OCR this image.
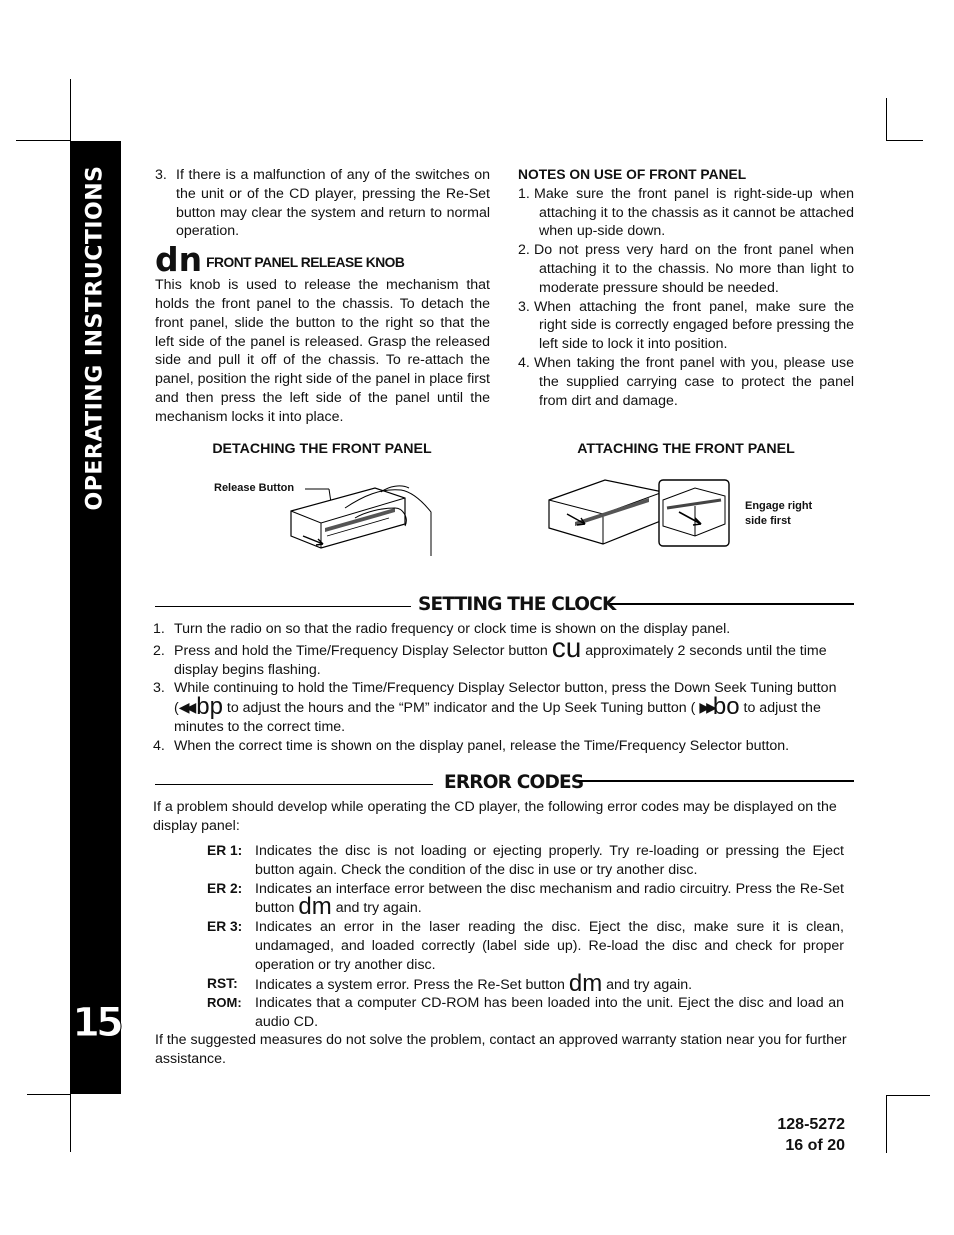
OPERATING INSTRUCTIONS
15
3. If there is a malfunction of any of the switches on the unit or of the CD player, pressing the Re-Set button may clear the system and return to normal operation.
dn FRONT PANEL RELEASE KNOB
This knob is used to release the mechanism that holds the front panel to the chassis. To detach the front panel, slide the button to the right so that the left side of the panel is released. Grasp the released side and pull it off of the chassis. To re-attach the panel, position the right side of the panel in place first and then press the left side of the panel until the mechanism locks it into place.
NOTES ON USE OF FRONT PANEL
1. Make sure the front panel is right-side-up when attaching it to the chassis as it cannot be attached when up-side down.
2. Do not press very hard on the front panel when attaching it to the chassis. No more than light to moderate pressure should be needed.
3. When attaching the front panel, make sure the right side is correctly engaged before pressing the left side to lock it into position.
4. When taking the front panel with you, please use the supplied carrying case to protect the panel from dirt and damage.
DETACHING THE FRONT PANEL	ATTACHING THE FRONT PANEL
Release Button
Engage right
side first
SETTING THE CLOCK
1. Turn the radio on so that the radio frequency or clock time is shown on the display panel.
2. Press and hold the Time/Frequency Display Selector button cu approximately 2 seconds until the time display begins flashing.
3. While continuing to hold the Time/Frequency Display Selector button, press the Down Seek Tuning button (◀◀ bp to adjust the hours and the “PM” indicator and the Up Seek Tuning button ( ▶▶bo to adjust the minutes to the correct time.
4. When the correct time is shown on the display panel, release the Time/Frequency Selector button.
ERROR CODES
If a problem should develop while operating the CD player, the following error codes may be displayed on the display panel:
ER 1: Indicates the disc is not loading or ejecting properly. Try re-loading or pressing the Eject button again. Check the condition of the disc in use or try another disc.
ER 2: Indicates an interface error between the disc mechanism and radio circuitry. Press the Re-Set button dm and try again.
ER 3: Indicates an error in the laser reading the disc. Eject the disc, make sure it is clean, undamaged, and loaded correctly (label side up). Re-load the disc and check for proper operation or try another disc.
RST:	Indicates a system error. Press the Re-Set button dm and try again.
ROM: Indicates that a computer CD-ROM has been loaded into the unit. Eject the disc and load an audio CD.
If the suggested measures do not solve the problem, contact an approved warranty station near you for further assistance.
128-5272
16 of 20
